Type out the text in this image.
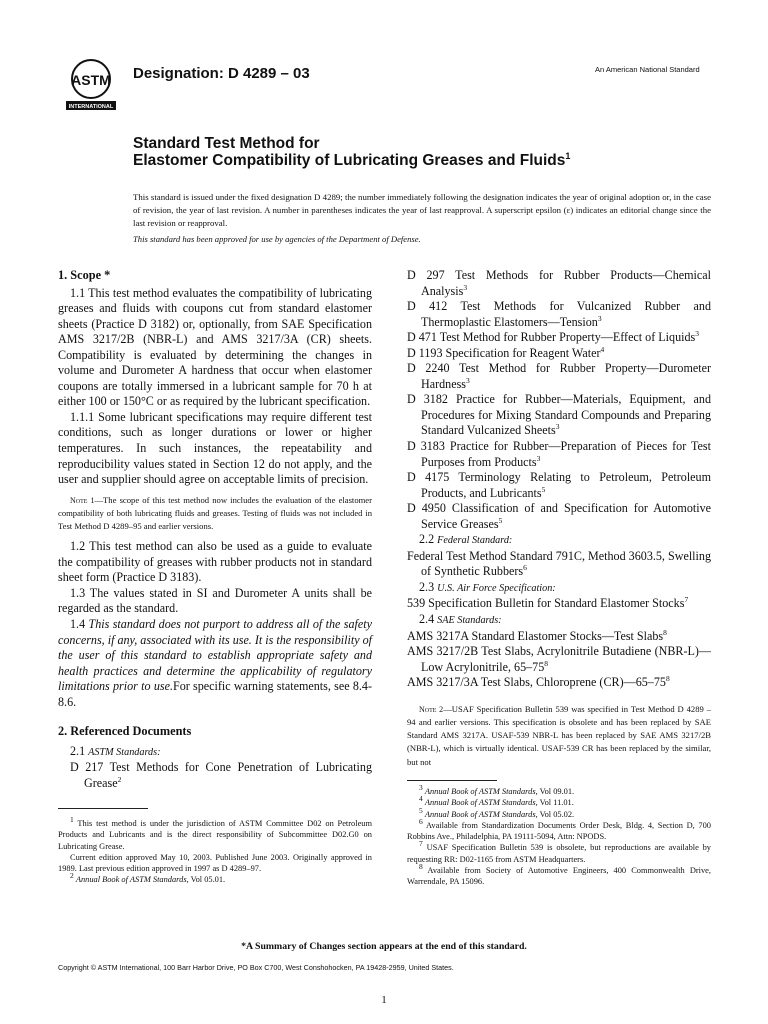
ASTM
INTERNATIONAL
Designation: D 4289 – 03	An American National Standard
Standard Test Method for
Elastomer Compatibility of Lubricating Greases and Fluids$^1$
This standard is issued under the fixed designation D 4289; the number immediately following the designation indicates the year of original adoption or, in the case of revision, the year of last revision. A number in parentheses indicates the year of last reapproval. A superscript epsilon (ε) indicates an editorial change since the last revision or reapproval.
This standard has been approved for use by agencies of the Department of Defense.

1. Scope *

1.1 This test method evaluates the compatibility of lubricating greases and fluids with coupons cut from standard elastomer sheets (Practice D 3182) or, optionally, from SAE Specification AMS 3217/2B (NBR-L) and AMS 3217/3A (CR) sheets. Compatibility is evaluated by determining the changes in volume and Durometer A hardness that occur when elastomer coupons are totally immersed in a lubricant sample for 70 h at either 100 or 150°C or as required by the lubricant specification.

1.1.1 Some lubricant specifications may require different test conditions, such as longer durations or lower or higher temperatures. In such instances, the repeatability and reproducibility values stated in Section 12 do not apply, and the user and supplier should agree on acceptable limits of precision.

Note 1—The scope of this test method now includes the evaluation of the elastomer compatibility of both lubricating fluids and greases. Testing of fluids was not included in Test Method D 4289–95 and earlier versions.

1.2 This test method can also be used as a guide to evaluate the compatibility of greases with rubber products not in standard sheet form (Practice D 3183).

1.3 The values stated in SI and Durometer A units shall be regarded as the standard.

1.4 This standard does not purport to address all of the safety concerns, if any, associated with its use. It is the responsibility of the user of this standard to establish appropriate safety and health practices and determine the applicability of regulatory limitations prior to use.For specific warning statements, see 8.4-8.6.

2. Referenced Documents

2.1 ASTM Standards:

D 217 Test Methods for Cone Penetration of Lubricating Grease$^2$

$^1$ This test method is under the jurisdiction of ASTM Committee D02 on Petroleum Products and Lubricants and is the direct responsibility of Subcommittee D02.G0 on Lubricating Grease.

Current edition approved May 10, 2003. Published June 2003. Originally approved in 1989. Last previous edition approved in 1997 as D 4289–97.

$^2$ Annual Book of ASTM Standards, Vol 05.01.

D 297 Test Methods for Rubber Products—Chemical Analysis$^3$

D 412 Test Methods for Vulcanized Rubber and Thermoplastic Elastomers—Tension$^3$

D 471 Test Method for Rubber Property—Effect of Liquids$^3$

D 1193 Specification for Reagent Water$^4$

D 2240 Test Method for Rubber Property—Durometer Hardness$^3$

D 3182 Practice for Rubber—Materials, Equipment, and Procedures for Mixing Standard Compounds and Preparing Standard Vulcanized Sheets$^3$

D 3183 Practice for Rubber—Preparation of Pieces for Test Purposes from Products$^3$

D 4175 Terminology Relating to Petroleum, Petroleum Products, and Lubricants$^5$

D 4950 Classification of and Specification for Automotive Service Greases$^5$

2.2 Federal Standard:

Federal Test Method Standard 791C, Method 3603.5, Swelling of Synthetic Rubbers$^6$

2.3 U.S. Air Force Specification:

539 Specification Bulletin for Standard Elastomer Stocks$^7$

2.4 SAE Standards:

AMS 3217A Standard Elastomer Stocks—Test Slabs$^8$

AMS 3217/2B Test Slabs, Acrylonitrile Butadiene (NBR-L)—Low Acrylonitrile, $65-75^8$

AMS 3217/3A Test Slabs, Chloroprene $(CR)—65-75^8$

Note 2—USAF Specification Bulletin 539 was specified in Test Method D 4289 – 94 and earlier versions. This specification is obsolete and has been replaced by SAE Standard AMS 3217A. USAF-539 NBR-L has been replaced by SAE AMS 3217/2B (NBR-L), which is virtually identical. USAF-539 CR has been replaced by the similar, but not

$^3$ Annual Book of ASTM Standards, Vol 09.01.

$^4$ Annual Book of ASTM Standards, Vol 11.01.

$^5$ Annual Book of ASTM Standards, Vol 05.02.

$^6$ Available from Standardization Documents Order Desk, Bldg. 4, Section D, 700 Robbins Ave., Philadelphia, PA 19111-5094, Attn: NPODS.

$^7$ USAF Specification Bulletin 539 is obsolete, but reproductions are available by requesting RR: D02-1165 from ASTM Headquarters.

$^8$ Available from Society of Automotive Engineers, 400 Commonwealth Drive, Warrendale, PA 15096.

*A Summary of Changes section appears at the end of this standard.
Copyright © ASTM International, 100 Barr Harbor Drive, PO Box C700, West Conshohocken, PA 19428-2959, United States.
1
